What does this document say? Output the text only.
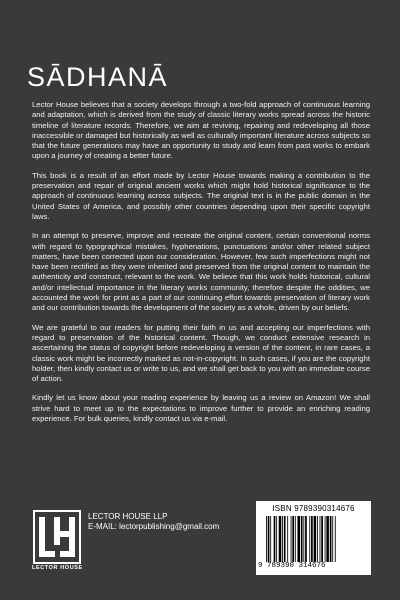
SĀDHANĀ

Lector House believes that a society develops through a two-fold approach of continuous learning and adaptation, which is derived from the study of classic literary works spread across the historic timeline of literature records. Therefore, we aim at reviving, repairing and redeveloping all those inaccessible or damaged but historically as well as culturally important literature across subjects so that the future generations may have an opportunity to study and learn from past works to embark upon a journey of creating a better future.

This book is a result of an effort made by Lector House towards making a contribution to the preservation and repair of original ancient works which might hold historical significance to the approach of continuous learning across subjects. The original text is in the public domain in the United States of America, and possibly other countries depending upon their specific copyright laws.

In an attempt to preserve, improve and recreate the original content, certain conventional norms with regard to typographical mistakes, hyphenations, punctuations and/or other related subject matters, have been corrected upon our consideration. However, few such imperfections might not have been rectified as they were inherited and preserved from the original content to maintain the authenticity and construct, relevant to the work. We believe that this work holds historical, cultural and/or intellectual importance in the literary works community, therefore despite the oddities, we accounted the work for print as a part of our continuing effort towards preservation of literary work and our contribution towards the development of the society as a whole, driven by our beliefs.

We are grateful to our readers for putting their faith in us and accepting our imperfections with regard to preservation of the historical content. Though, we conduct extensive research in ascertaining the status of copyright before redeveloping a version of the content, in rare cases, a classic work might be incorrectly marked as not-in-copyright. In such cases, if you are the copyright holder, then kindly contact us or write to us, and we shall get back to you with an immediate course of action.

Kindly let us know about your reading experience by leaving us a review on Amazon! We shall strive hard to meet up to the expectations to improve further to provide an enriching reading experience. For bulk queries, kindly contact us via e-mail.

LECTOR HOUSE
LECTOR HOUSE LLP
E-MAIL: lectorpublishing@gmail.com
ISBN 9789390314676
9 789390 314676
